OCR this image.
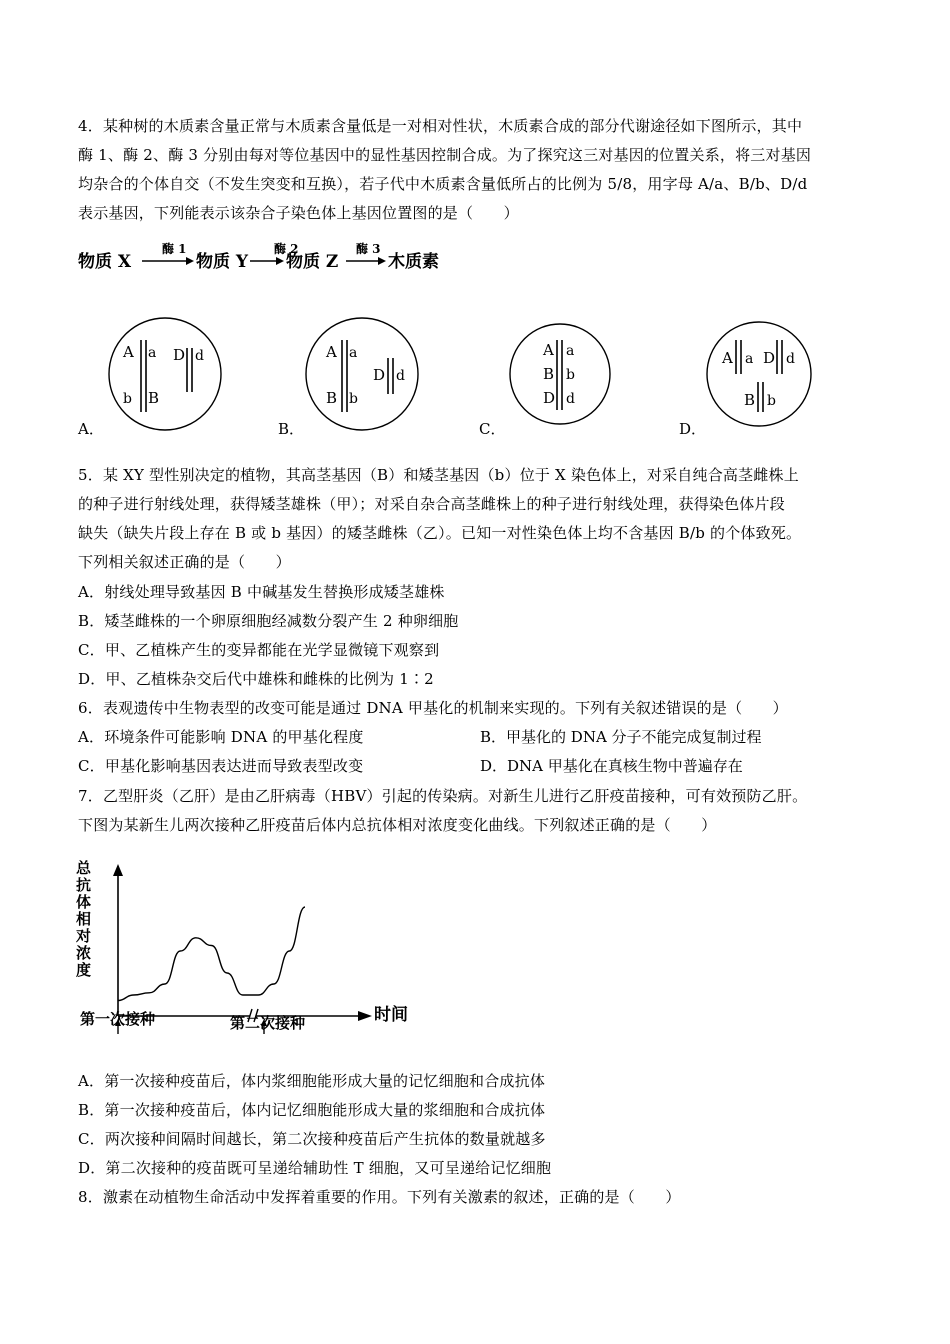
4．某种树的木质素含量正常与木质素含量低是一对相对性状，木质素合成的部分代谢途径如下图所示，其中
酶 1、酶 2、酶 3 分别由每对等位基因中的显性基因控制合成。为了探究这三对基因的位置关系，将三对基因
均杂合的个体自交（不发生突变和互换），若子代中木质素含量低所占的比例为 5/8，用字母 A/a、B/b、D/d
表示基因，下列能表示该杂合子染色体上基因位置图的是（　　）
物质 X
酶 1
物质 Y
酶 2
物质 Z
酶 3
木质素
A a
b B
D d
A．
A a
B b
D d
B．
A a
B b
D d
C．
A a D d
B b
D．
5．某 XY 型性别决定的植物，其高茎基因（B）和矮茎基因（b）位于 X 染色体上，对采自纯合高茎雌株上
的种子进行射线处理，获得矮茎雄株（甲）；对采自杂合高茎雌株上的种子进行射线处理，获得染色体片段
缺失（缺失片段上存在 B 或 b 基因）的矮茎雌株（乙）。已知一对性染色体上均不含基因 B/b 的个体致死。
下列相关叙述正确的是（　　）
A．射线处理导致基因 B 中碱基发生替换形成矮茎雄株
B．矮茎雌株的一个卵原细胞经减数分裂产生 2 种卵细胞
C．甲、乙植株产生的变异都能在光学显微镜下观察到
D．甲、乙植株杂交后代中雄株和雌株的比例为 1∶2
6．表观遗传中生物表型的改变可能是通过 DNA 甲基化的机制来实现的。下列有关叙述错误的是（　　）
A．环境条件可能影响 DNA 的甲基化程度	B．甲基化的 DNA 分子不能完成复制过程
C．甲基化影响基因表达进而导致表型改变	D．DNA 甲基化在真核生物中普遍存在
7．乙型肝炎（乙肝）是由乙肝病毒（HBV）引起的传染病。对新生儿进行乙肝疫苗接种，可有效预防乙肝。
下图为某新生儿两次接种乙肝疫苗后体内总抗体相对浓度变化曲线。下列叙述正确的是（　　）
总抗体相对浓度
时间
第一次接种	第二次接种
A．第一次接种疫苗后，体内浆细胞能形成大量的记忆细胞和合成抗体
B．第一次接种疫苗后，体内记忆细胞能形成大量的浆细胞和合成抗体
C．两次接种间隔时间越长，第二次接种疫苗后产生抗体的数量就越多
D．第二次接种的疫苗既可呈递给辅助性 T 细胞，又可呈递给记忆细胞
8．激素在动植物生命活动中发挥着重要的作用。下列有关激素的叙述，正确的是（　　）
